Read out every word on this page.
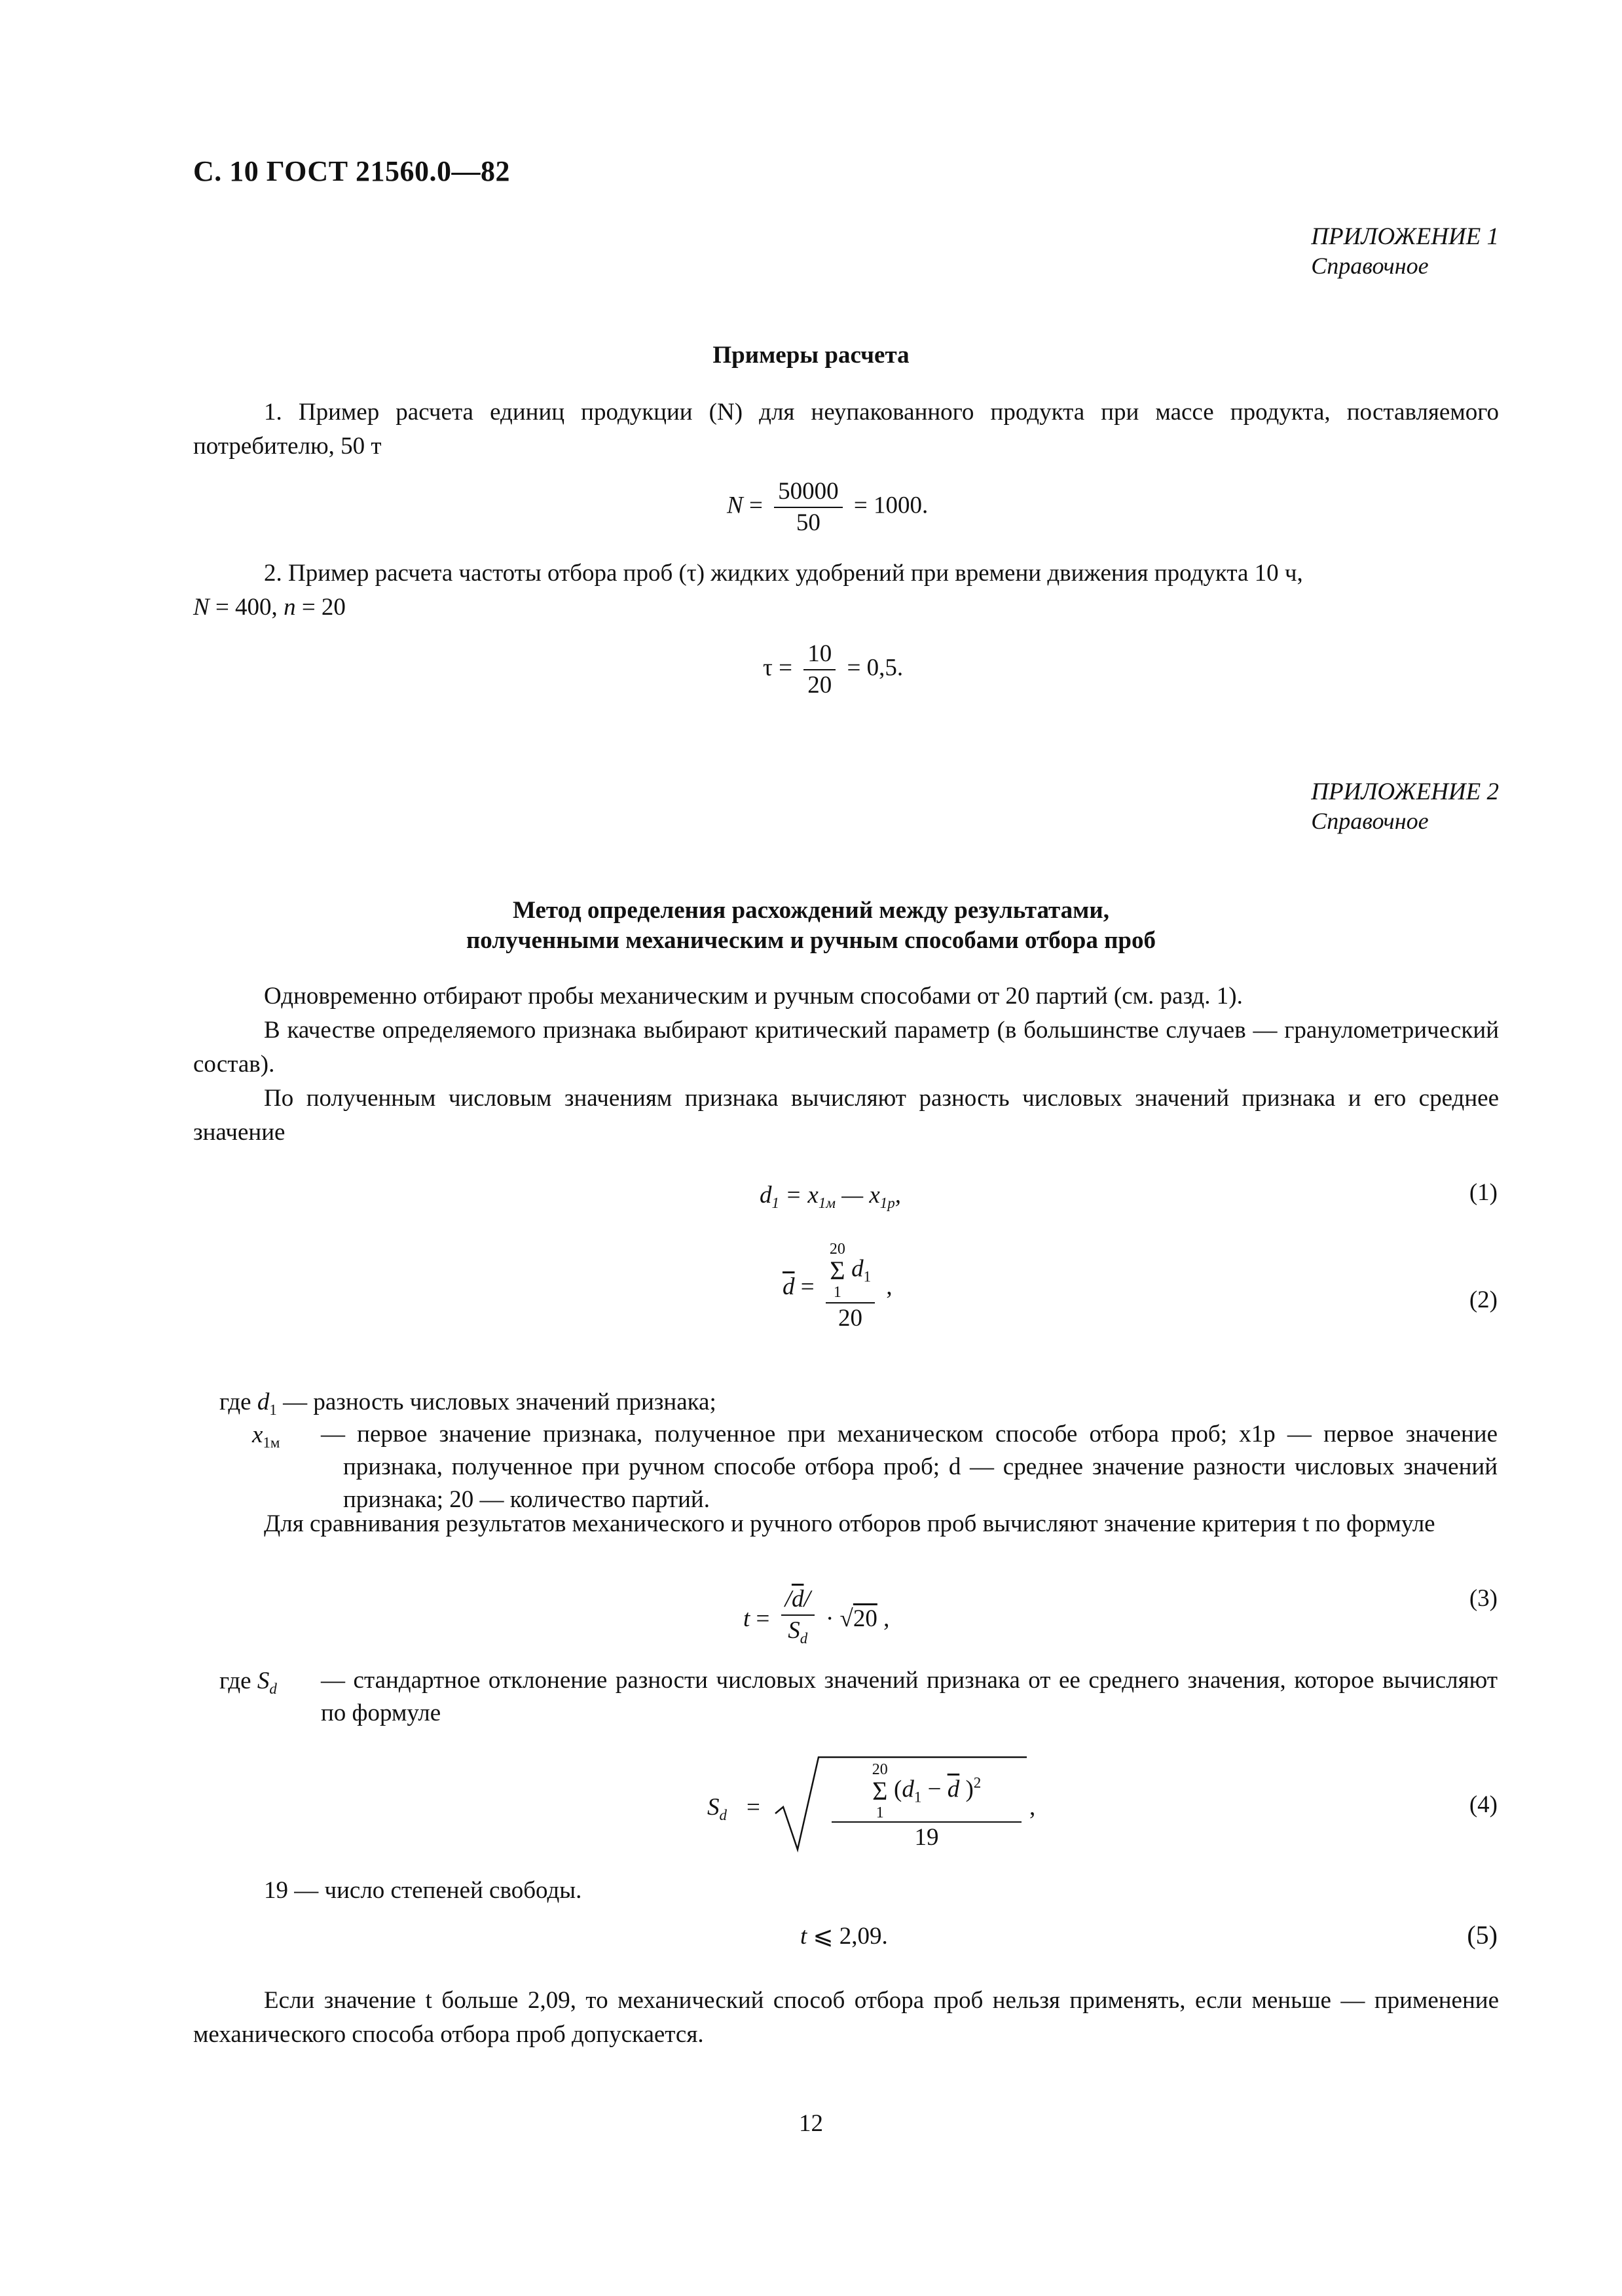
С. 10 ГОСТ 21560.0—82
ПРИЛОЖЕНИЕ 1
Справочное
Примеры расчета
1. Пример расчета единиц продукции (N) для неупакованного продукта при массе продукта, поставляемого потребителю, 50 т
$N = \frac{50000}{50} = 1000$.
2. Пример расчета частоты отбора проб (τ) жидких удобрений при времени движения продукта 10 ч,
N = 400, n = 20
$\tau = \frac{10}{20} = 0,5$.
ПРИЛОЖЕНИЕ 2
Справочное
Метод определения расхождений между результатами,
полученными механическим и ручным способами отбора проб
Одновременно отбирают пробы механическим и ручным способами от 20 партий (см. разд. 1).
В качестве определяемого признака выбирают критический параметр (в большинстве случаев — гранулометрический состав).
По полученным числовым значениям признака вычисляют разность числовых значений признака и его среднее значение
$d_1 = x_{1м}$ — $x_{1р}$,	(1)
$\overline{d} = 20$
Σ
1
$d_1$
20 ,	(2)
где $d_1$ — разность числовых значений признака;
$x_{1м}$ — первое значение признака, полученное при механическом способе отбора проб; x1р — первое значение признака, полученное при ручном способе отбора проб; d — среднее значение разности числовых значений признака; 20 — количество партий.
Для сравнивания результатов механического и ручного отборов проб вычисляют значение критерия t по формуле
$t = \frac{/\overline{d}/}{S_d} \cdot √20$ ,
(3)
где $S_d$ — стандартное отклонение разности числовых значений признака от ее среднего значения, которое вычисляют по формуле
$S_d$ =
20
Σ
1
($d_1 - \overline{d}$ )$^2$
19
,	(4)
19 — число степеней свободы.
t ⩽ 2,09.	(5)
Если значение t больше 2,09, то механический способ отбора проб нельзя применять, если меньше — применение механического способа отбора проб допускается.
12
